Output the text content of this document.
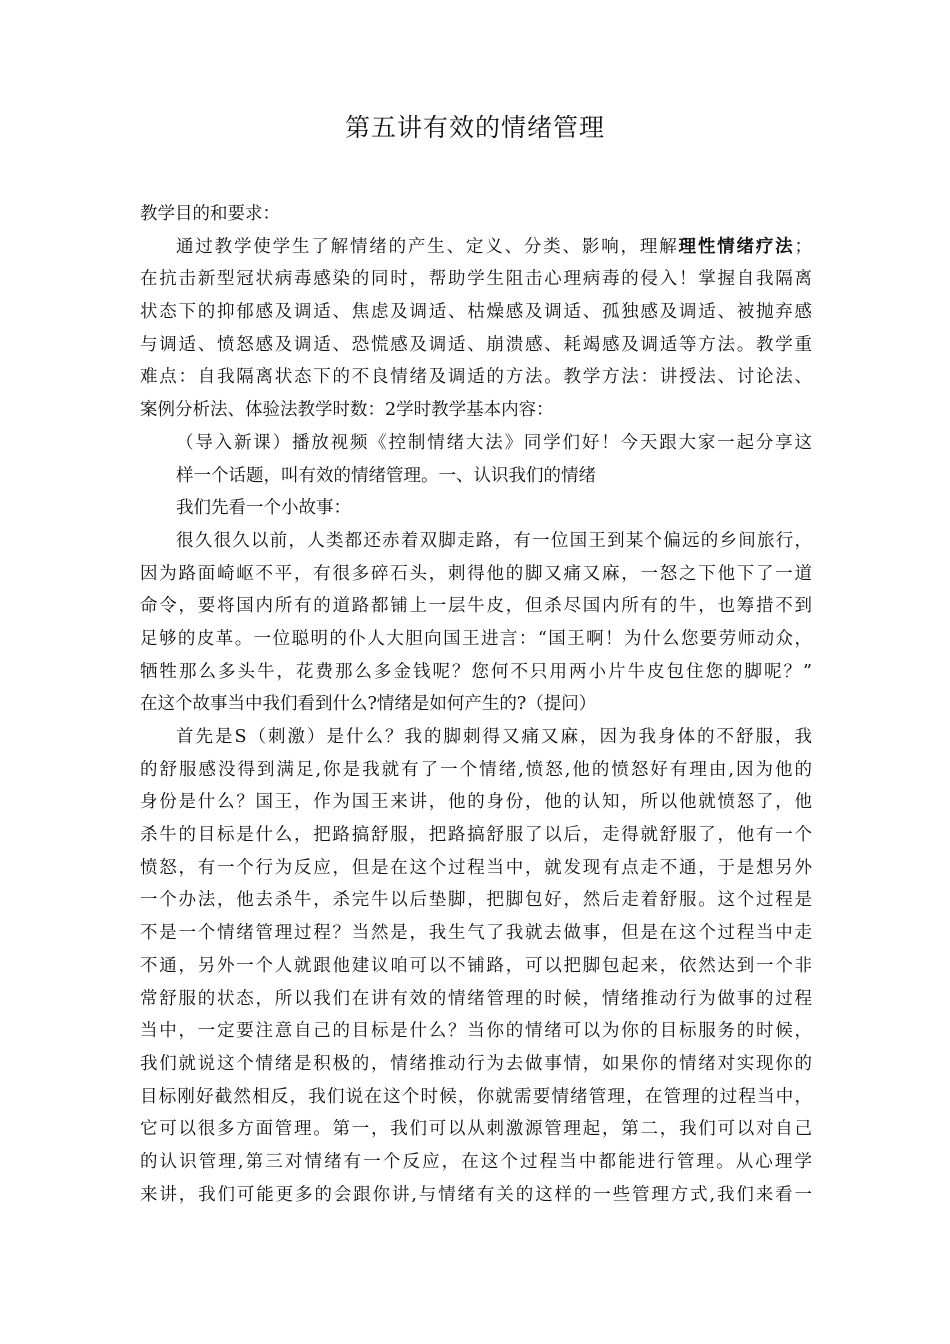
第五讲有效的情绪管理
教学目的和要求：
通过教学使学生了解情绪的产生、定义、分类、影响，理解理性情绪疗法；
在抗击新型冠状病毒感染的同时，帮助学生阻击心理病毒的侵入！掌握自我隔离
状态下的抑郁感及调适、焦虑及调适、枯燥感及调适、孤独感及调适、被抛弃感
与调适、愤怒感及调适、恐慌感及调适、崩溃感、耗竭感及调适等方法。教学重
难点：自我隔离状态下的不良情绪及调适的方法。教学方法：讲授法、讨论法、
案例分析法、体验法教学时数：2学时教学基本内容：
（导入新课）播放视频《控制情绪大法》同学们好！今天跟大家一起分享这
样一个话题，叫有效的情绪管理。一、认识我们的情绪
我们先看一个小故事：
很久很久以前，人类都还赤着双脚走路，有一位国王到某个偏远的乡间旅行，
因为路面崎岖不平，有很多碎石头，刺得他的脚又痛又麻，一怒之下他下了一道
命令，要将国内所有的道路都铺上一层牛皮，但杀尽国内所有的牛，也筹措不到
足够的皮革。一位聪明的仆人大胆向国王进言：“国王啊！为什么您要劳师动众，
牺牲那么多头牛，花费那么多金钱呢？您何不只用两小片牛皮包住您的脚呢？”
在这个故事当中我们看到什么?情绪是如何产生的?（提问）
首先是S（刺激）是什么？我的脚刺得又痛又麻，因为我身体的不舒服，我
的舒服感没得到满足,你是我就有了一个情绪,愤怒,他的愤怒好有理由,因为他的
身份是什么？国王，作为国王来讲，他的身份，他的认知，所以他就愤怒了，他
杀牛的目标是什么，把路搞舒服，把路搞舒服了以后，走得就舒服了，他有一个
愤怒，有一个行为反应，但是在这个过程当中，就发现有点走不通，于是想另外
一个办法，他去杀牛，杀完牛以后垫脚，把脚包好，然后走着舒服。这个过程是
不是一个情绪管理过程？当然是，我生气了我就去做事，但是在这个过程当中走
不通，另外一个人就跟他建议咱可以不铺路，可以把脚包起来，依然达到一个非
常舒服的状态，所以我们在讲有效的情绪管理的时候，情绪推动行为做事的过程
当中，一定要注意自己的目标是什么？当你的情绪可以为你的目标服务的时候，
我们就说这个情绪是积极的，情绪推动行为去做事情，如果你的情绪对实现你的
目标刚好截然相反，我们说在这个时候，你就需要情绪管理，在管理的过程当中，
它可以很多方面管理。第一，我们可以从刺激源管理起，第二，我们可以对自己
的认识管理,第三对情绪有一个反应，在这个过程当中都能进行管理。从心理学
来讲，我们可能更多的会跟你讲,与情绪有关的这样的一些管理方式,我们来看一
